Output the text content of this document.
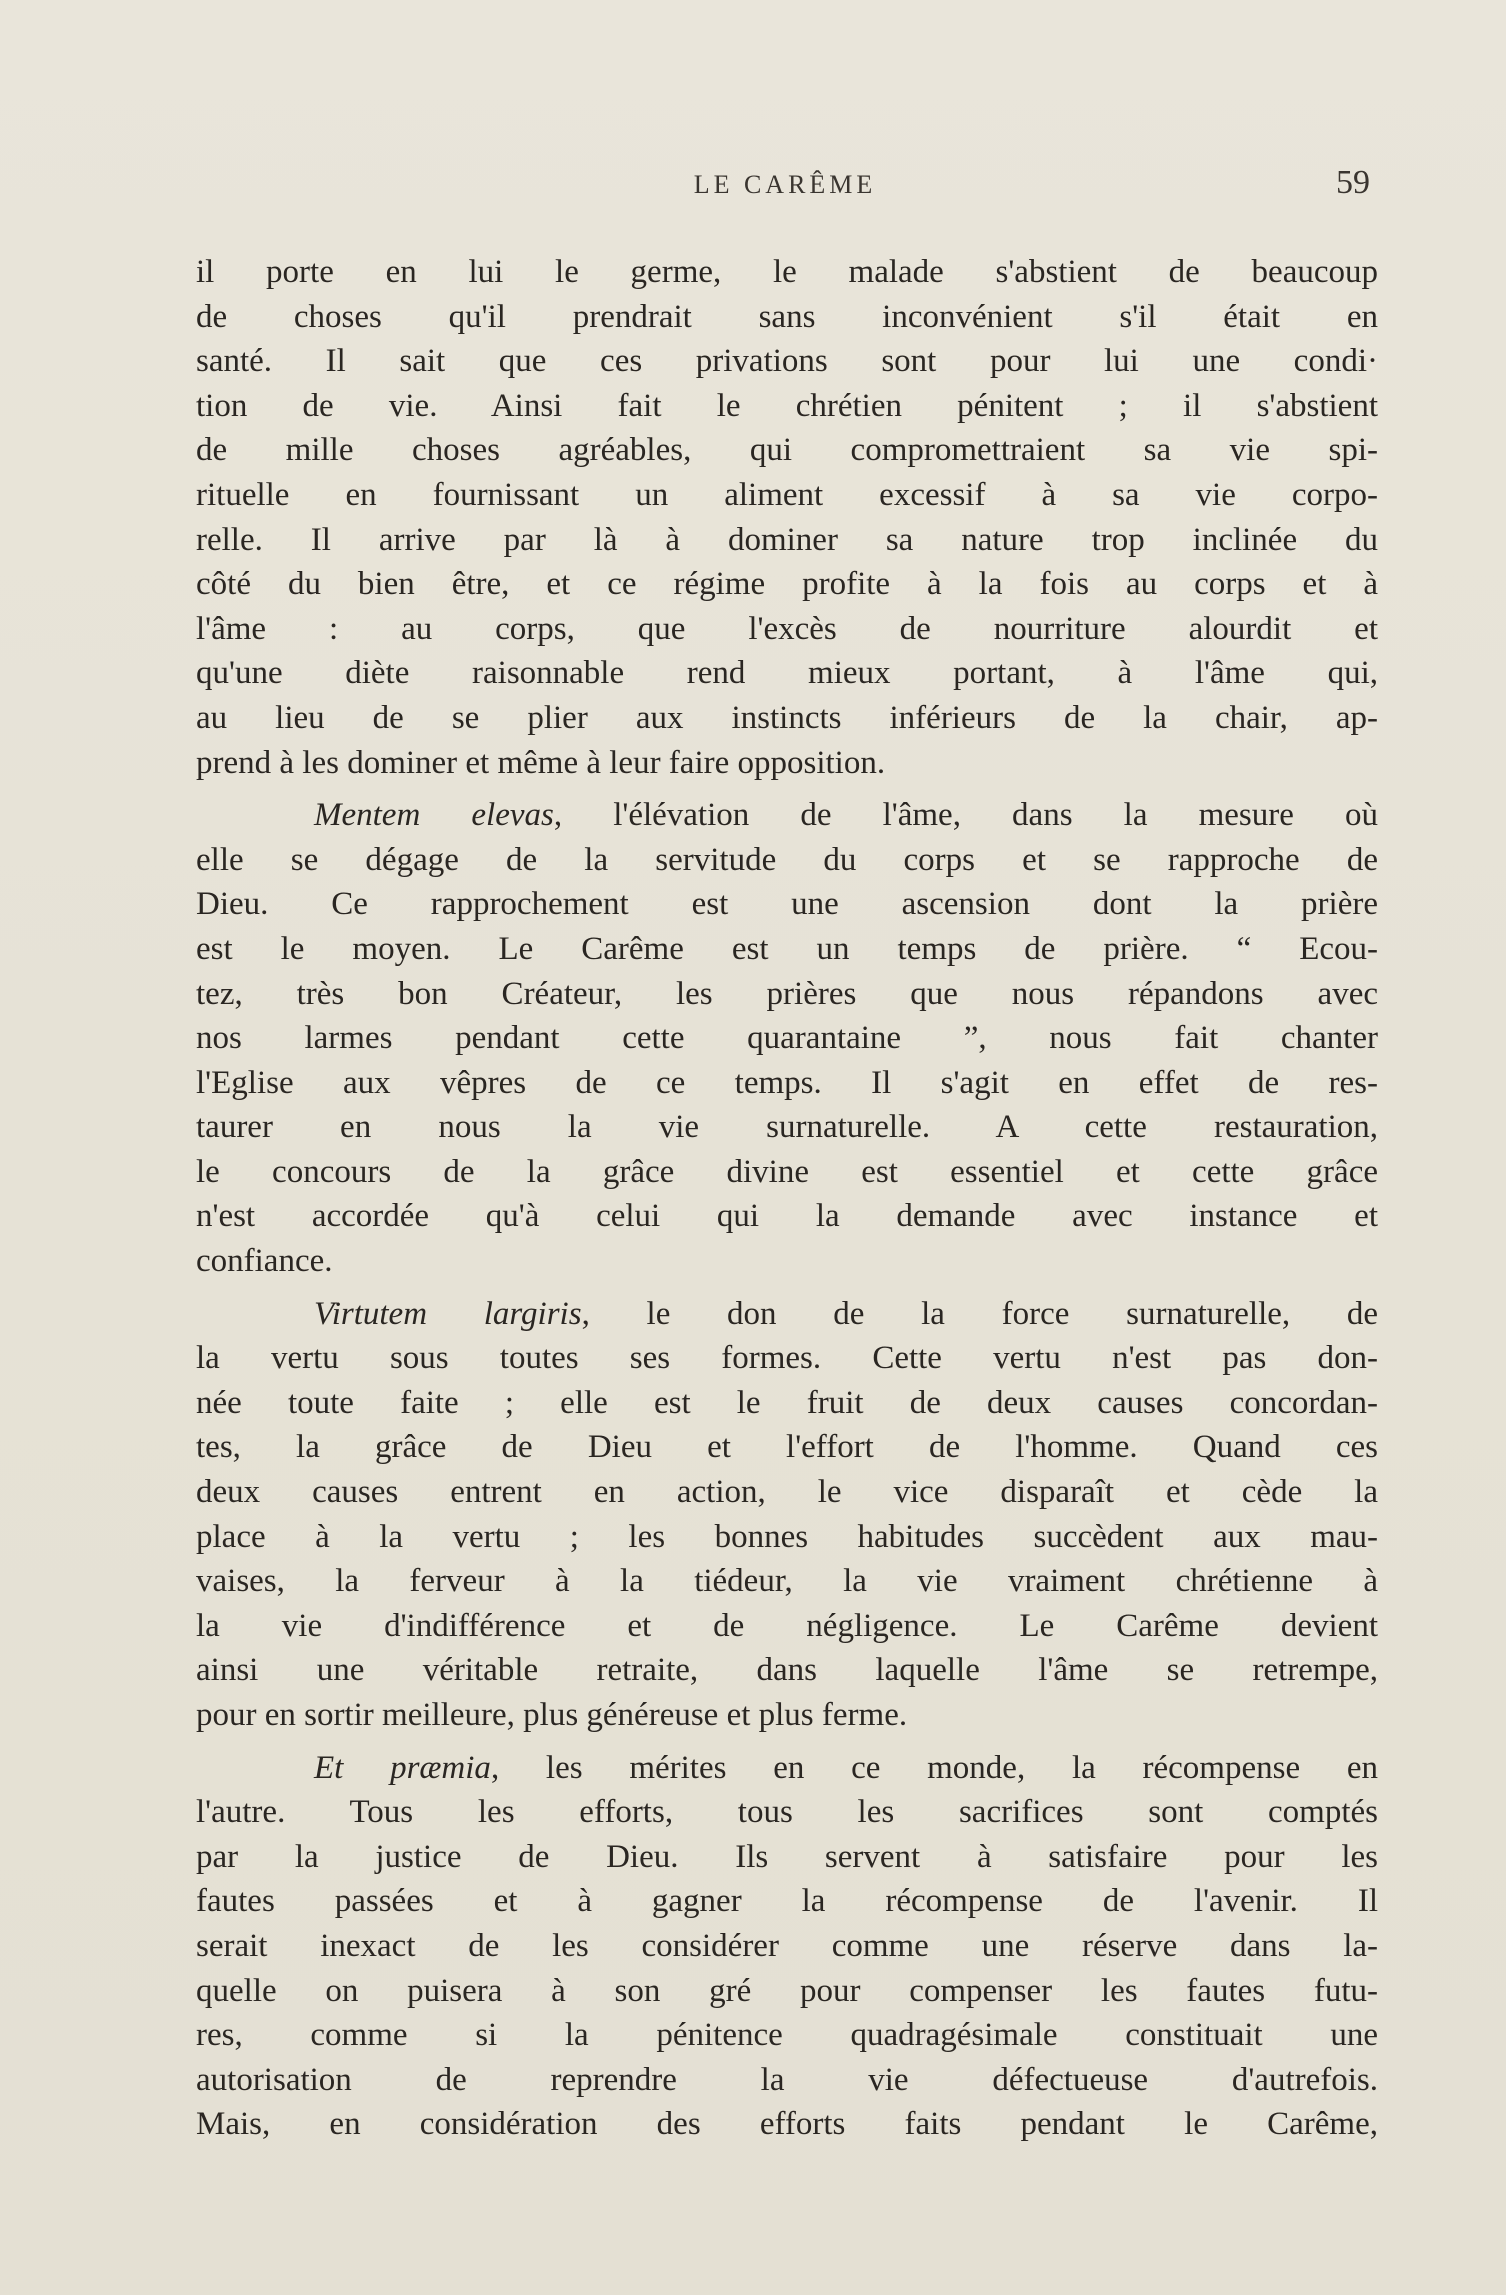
LE CARÊME	59
il porte en lui le germe, le malade s'abstient de beaucoup
de choses qu'il prendrait sans inconvénient s'il était en
santé. Il sait que ces privations sont pour lui une condi·
tion de vie. Ainsi fait le chrétien pénitent ; il s'abstient
de mille choses agréables, qui compromettraient sa vie spi-
rituelle en fournissant un aliment excessif à sa vie corpo-
relle. Il arrive par là à dominer sa nature trop inclinée du
côté du bien être, et ce régime profite à la fois au corps et à
l'âme : au corps, que l'excès de nourriture alourdit et
qu'une diète raisonnable rend mieux portant, à l'âme qui,
au lieu de se plier aux instincts inférieurs de la chair, ap-
prend à les dominer et même à leur faire opposition.
Mentem elevas, l'élévation de l'âme, dans la mesure où
elle se dégage de la servitude du corps et se rapproche de
Dieu. Ce rapprochement est une ascension dont la prière
est le moyen. Le Carême est un temps de prière. “ Ecou-
tez, très bon Créateur, les prières que nous répandons avec
nos larmes pendant cette quarantaine ”, nous fait chanter
l'Eglise aux vêpres de ce temps. Il s'agit en effet de res-
taurer en nous la vie surnaturelle. A cette restauration,
le concours de la grâce divine est essentiel et cette grâce
n'est accordée qu'à celui qui la demande avec instance et
confiance.
Virtutem largiris, le don de la force surnaturelle, de
la vertu sous toutes ses formes. Cette vertu n'est pas don-
née toute faite ; elle est le fruit de deux causes concordan-
tes, la grâce de Dieu et l'effort de l'homme. Quand ces
deux causes entrent en action, le vice disparaît et cède la
place à la vertu ; les bonnes habitudes succèdent aux mau-
vaises, la ferveur à la tiédeur, la vie vraiment chrétienne à
la vie d'indifférence et de négligence. Le Carême devient
ainsi une véritable retraite, dans laquelle l'âme se retrempe,
pour en sortir meilleure, plus généreuse et plus ferme.
Et præmia, les mérites en ce monde, la récompense en
l'autre. Tous les efforts, tous les sacrifices sont comptés
par la justice de Dieu. Ils servent à satisfaire pour les
fautes passées et à gagner la récompense de l'avenir. Il
serait inexact de les considérer comme une réserve dans la-
quelle on puisera à son gré pour compenser les fautes futu-
res, comme si la pénitence quadragésimale constituait une
autorisation de reprendre la vie défectueuse d'autrefois.
Mais, en considération des efforts faits pendant le Carême,
